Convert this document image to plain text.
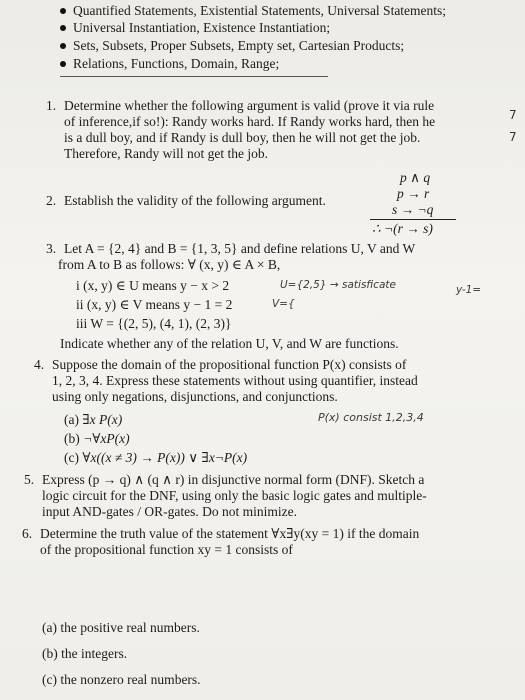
Quantified Statements, Existential Statements, Universal Statements;
Universal Instantiation, Existence Instantiation;
Sets, Subsets, Proper Subsets, Empty set, Cartesian Products;
Relations, Functions, Domain, Range;
1. Determine whether the following argument is valid (prove it via rule
of inference,if so!): Randy works hard. If Randy works hard, then he
is a dull boy, and if Randy is dull boy, then he will not get the job.
Therefore, Randy will not get the job.
7
7
2. Establish the validity of the following argument.
p ∧ q
p → r
s → ¬q
∴ ¬(r → s)
3. Let A = {2, 4} and B = {1, 3, 5} and define relations U, V and W
from A to B as follows: ∀ (x, y) ∈ A × B,
i (x, y) ∈ U means y − x > 2
ii (x, y) ∈ V means y − 1 = 2
iii W = {(2, 5), (4, 1), (2, 3)}
U={2,5} → satisficate
V={
y-1=
Indicate whether any of the relation U, V, and W are functions.
4. Suppose the domain of the propositional function P(x) consists of
1, 2, 3, 4. Express these statements without using quantifier, instead
using only negations, disjunctions, and conjunctions.
(a) ∃x P(x)
(b) ¬∀xP(x)
(c) ∀x((x ≠ 3) → P(x)) ∨ ∃x¬P(x)
P(x) consist 1,2,3,4
5. Express (p → q) ∧ (q ∧ r) in disjunctive normal form (DNF). Sketch a
logic circuit for the DNF, using only the basic logic gates and multiple-
input AND-gates / OR-gates. Do not minimize.
6. Determine the truth value of the statement ∀x∃y(xy = 1) if the domain
of the propositional function xy = 1 consists of
(a) the positive real numbers.
(b) the integers.
(c) the nonzero real numbers.
